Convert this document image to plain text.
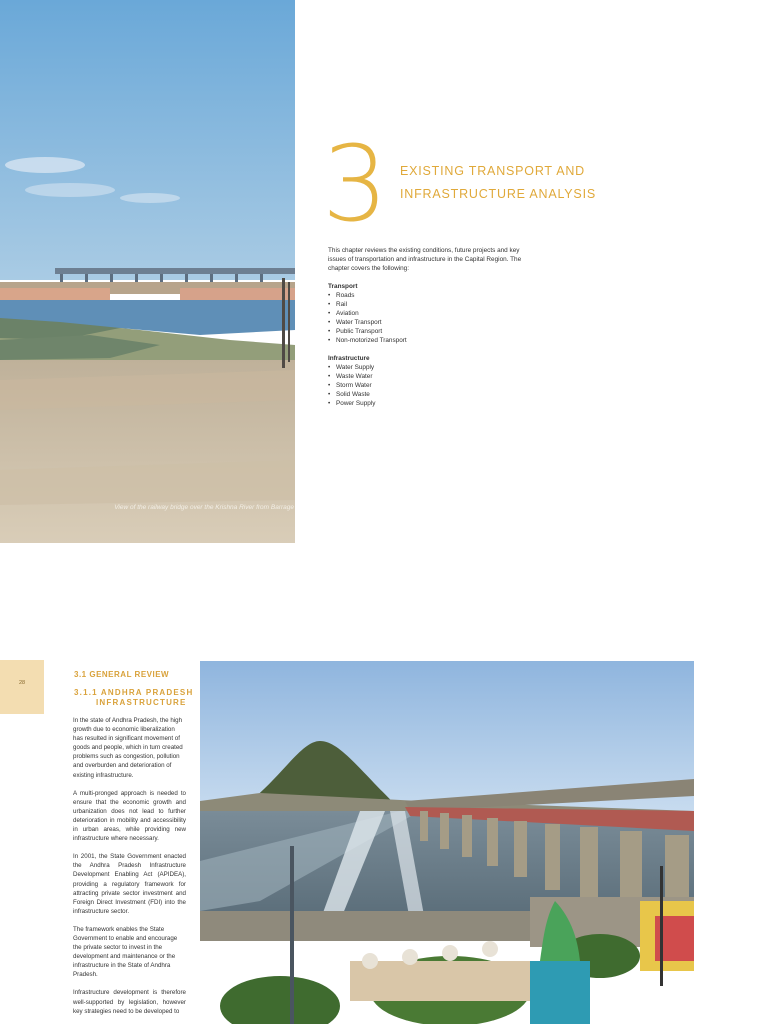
View of the railway bridge over the Krishna River from Barrage
3 EXISTING TRANSPORT AND
INFRASTRUCTURE ANALYSIS
This chapter reviews the existing conditions, future projects and key issues of transportation and infrastructure in the Capital Region. The chapter covers the following:
Transport
• Roads
• Rail
• Aviation
• Water Transport
• Public Transport
• Non-motorized Transport
Infrastructure
• Water Supply
• Waste Water
• Storm Water
• Solid Waste
• Power Supply
28
3.1 GENERAL REVIEW
3.1.1 ANDHRA PRADESH
INFRASTRUCTURE

In the state of Andhra Pradesh, the high growth due to economic liberalization has resulted in significant movement of goods and people, which in turn created problems such as congestion, pollution and overburden and deterioration of existing infrastructure.

A multi-pronged approach is needed to ensure that the economic growth and urbanization does not lead to further deterioration in mobility and accessibility in urban areas, while providing new infrastructure where necessary.

In 2001, the State Government enacted the Andhra Pradesh Infrastructure Development Enabling Act (APIDEA), providing a regulatory framework for attracting private sector investment and Foreign Direct Investment (FDI) into the infrastructure sector.

The framework enables the State Government to enable and encourage the private sector to invest in the development and maintenance or the infrastructure in the State of Andhra Pradesh.

Infrastructure development is therefore well-supported by legislation, however key strategies need to be developed to
